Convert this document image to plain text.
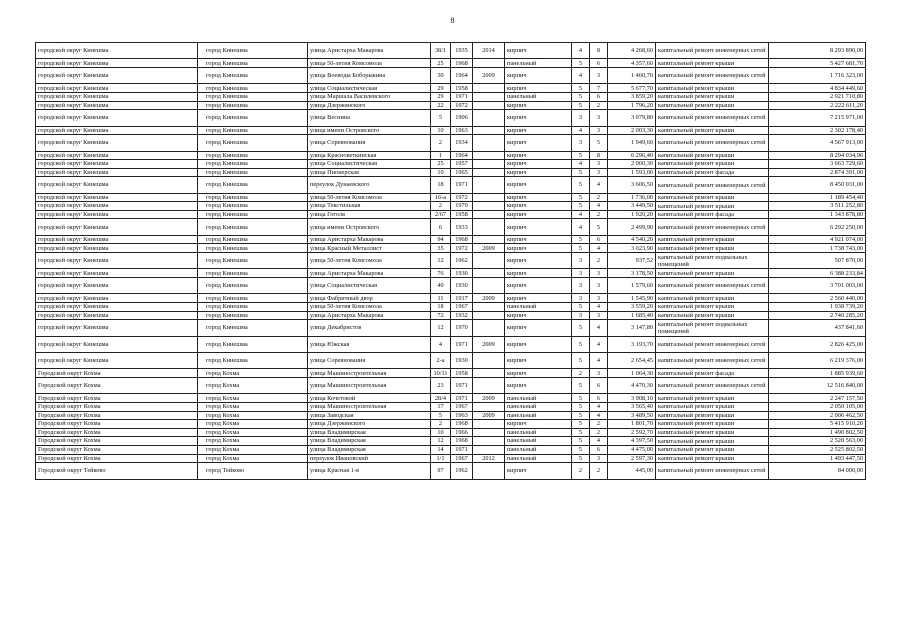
8
городской округ Кинешма	город Кинешма	улица Аристарха Макарова	38/1	1935	2014	кирпич	4	8	4 268,60	капитальный ремонт инженерных сетей	8 293 890,00
городской округ Кинешма	город Кинешма	улица 50-летия Комсомола	25	1968		панельный	5	6	4 357,60	капитальный ремонт крыши	5 427 681,70
городской округ Кинешма	город Кинешма	улица Воеводы Боборыкина	30	1964	2009	кирпич	4	3	1 460,70	капитальный ремонт инженерных сетей	1 716 323,00
городской округ Кинешма	город Кинешма	улица Социалистическая	29	1958		кирпич	5	7	5 677,70	капитальный ремонт крыши	4 834 449,60
городской округ Кинешма	город Кинешма	улица Маршала Василевского	29	1971		панельный	5	6	3 859,20	капитальный ремонт крыши	2 921 710,80
городской округ Кинешма	город Кинешма	улица Дзержинского	22	1972		кирпич	5	2	1 796,20	капитальный ремонт крыши	2 222 611,20
городской округ Кинешма	город Кинешма	улица Веснина	5	1906		кирпич	3	3	3 079,80	капитальный ремонт инженерных сетей	7 215 971,00
городской округ Кинешма	город Кинешма	улица имени Островского	10	1963		кирпич	4	3	2 003,30	капитальный ремонт крыши	2 302 178,40
городской округ Кинешма	город Кинешма	улица Соревнования	2	1934		кирпич	3	5	1 949,60	капитальный ремонт инженерных сетей	4 567 913,00
городской округ Кинешма	город Кинешма	улица Красноветкинская	1	1964		кирпич	5	8	6 296,40	капитальный ремонт крыши	8 294 034,96
городской округ Кинешма	город Кинешма	улица Социалистическая	25	1957		кирпич	4	3	2 060,30	капитальный ремонт крыши	3 663 729,60
городской округ Кинешма	город Кинешма	улица Пионерская	10	1965		кирпич	5	3	1 593,00	капитальный ремонт фасада	2 874 391,00
городской округ Кинешма	город Кинешма	переулок Дунаевского	18	1971		кирпич	5	4	3 606,50	капитальный ремонт инженерных сетей	8 450 031,00
городской округ Кинешма	город Кинешма	улица 50-летия Комсомола	16-а	1972		кирпич	5	2	1 736,00	капитальный ремонт крыши	1 189 454,40
городской округ Кинешма	город Кинешма	улица Текстильная	2	1970		кирпич	5	4	3 449,50	капитальный ремонт крыши	3 511 252,80
городской округ Кинешма	город Кинешма	улица Гоголя	2/67	1958		кирпич	4	2	1 920,20	капитальный ремонт фасада	1 343 878,80
городской округ Кинешма	город Кинешма	улица имени Островского	6	1933		кирпич	4	5	2 499,90	капитальный ремонт инженерных сетей	6 292 250,00
городской округ Кинешма	город Кинешма	улица Аристарха Макарова	94	1968		кирпич	5	6	4 540,20	капитальный ремонт крыши	4 921 074,00
городской округ Кинешма	город Кинешма	улица Красный Металлист	35	1972	2009	кирпич	5	4	3 023,90	капитальный ремонт крыши	1 738 743,00
городской округ Кинешма	город Кинешма	улица 50-летия Комсомола	12	1962		кирпич	3	2	937,52	капитальный ремонт подвальных помещений	507 870,00
городской округ Кинешма	город Кинешма	улица Аристарха Макарова	76	1930		кирпич	3	3	3 178,50	капитальный ремонт крыши	6 388 233,84
городской округ Кинешма	город Кинешма	улица Социалистическая	40	1930		кирпич	3	3	1 579,60	капитальный ремонт инженерных сетей	3 701 003,00
городской округ Кинешма	город Кинешма	улица Фабричный двор	11	1917	2009	кирпич	3	3	1 545,90	капитальный ремонт крыши	2 560 440,00
городской округ Кинешма	город Кинешма	улица 50-летия Комсомола	18	1967		панельный	5	4	3 559,20	капитальный ремонт крыши	1 938 739,20
городской округ Кинешма	город Кинешма	улица Аристарха Макарова	72	1932		кирпич	3	3	1 685,40	капитальный ремонт крыши	2 740 285,20
городской округ Кинешма	город Кинешма	улица Декабристов	12	1970		кирпич	5	4	3 147,80	капитальный ремонт подвальных помещений	437 841,60
городской округ Кинешма	город Кинешма	улица Южская	4	1971	2009	кирпич	5	4	3 193,70	капитальный ремонт инженерных сетей	2 826 425,00
городской округ Кинешма	город Кинешма	улица Соревнования	2-а	1930		кирпич	5	4	2 654,45	капитальный ремонт инженерных сетей	6 219 376,00
Городской округ Кохма	город Кохма	улица Машиностроительная	10/11	1958		кирпич	2	3	1 064,30	капитальный ремонт фасада	1 885 939,60
Городской округ Кохма	город Кохма	улица Машиностроительная	23	1971		кирпич	5	6	4 470,30	капитальный ремонт инженерных сетей	12 516 840,00
Городской округ Кохма	город Кохма	улица Кочетовой	28/4	1971	2009	панельный	5	6	3 908,10	капитальный ремонт крыши	2 247 157,50
Городской округ Кохма	город Кохма	улица Машиностроительная	17	1967		панельный	5	4	3 565,40	капитальный ремонт крыши	2 050 105,00
Городской округ Кохма	город Кохма	улица Заводская	5	1963	2009	панельный	5	4	3 489,50	капитальный ремонт крыши	2 006 462,50
Городской округ Кохма	город Кохма	улица Дзержинского	2	1968		кирпич	5	2	1 801,70	капитальный ремонт крыши	5 415 910,20
Городской округ Кохма	город Кохма	улица Владимирская	10	1966		панельный	5	2	2 592,70	капитальный ремонт крыши	1 490 802,50
Городской округ Кохма	город Кохма	улица Владимирская	12	1968		панельный	5	4	4 397,50	капитальный ремонт крыши	2 528 563,00
Городской округ Кохма	город Кохма	улица Владимирская	14	1971		панельный	5	6	4 475,00	капитальный ремонт крыши	2 525 802,50
Городской округ Кохма	город Кохма	переулок Ивановский	1/1	1967	2012	панельный	5	3	2 597,30	капитальный ремонт крыши	1 493 447,50
Городской округ Тейково	город Тейково	улица Красная 1-я	97	1962		кирпич	2	2	445,00	капитальный ремонт инженерных сетей	84 000,00
